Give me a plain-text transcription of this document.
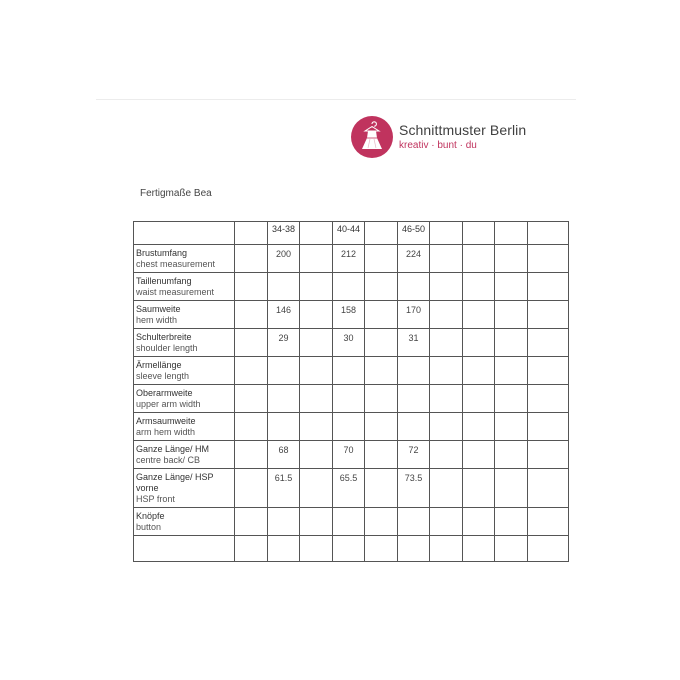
Schnittmuster Berlin
kreativ · bunt · du
Fertigmaße Bea
		34-38		40-44		46-50				

Brustumfang
chest measurement		200		212		224				

Taillenumfang
waist measurement										

Saumweite
hem width		146		158		170				

Schulterbreite
shoulder length		29		30		31				

Ärmellänge
sleeve length										

Oberarmweite
upper arm width										

Armsaumweite
arm hem width										

Ganze Länge/ HM
centre back/ CB		68		70		72				

Ganze Länge/ HSP vorne
HSP front		61.5		65.5		73.5				

Knöpfe
button										
